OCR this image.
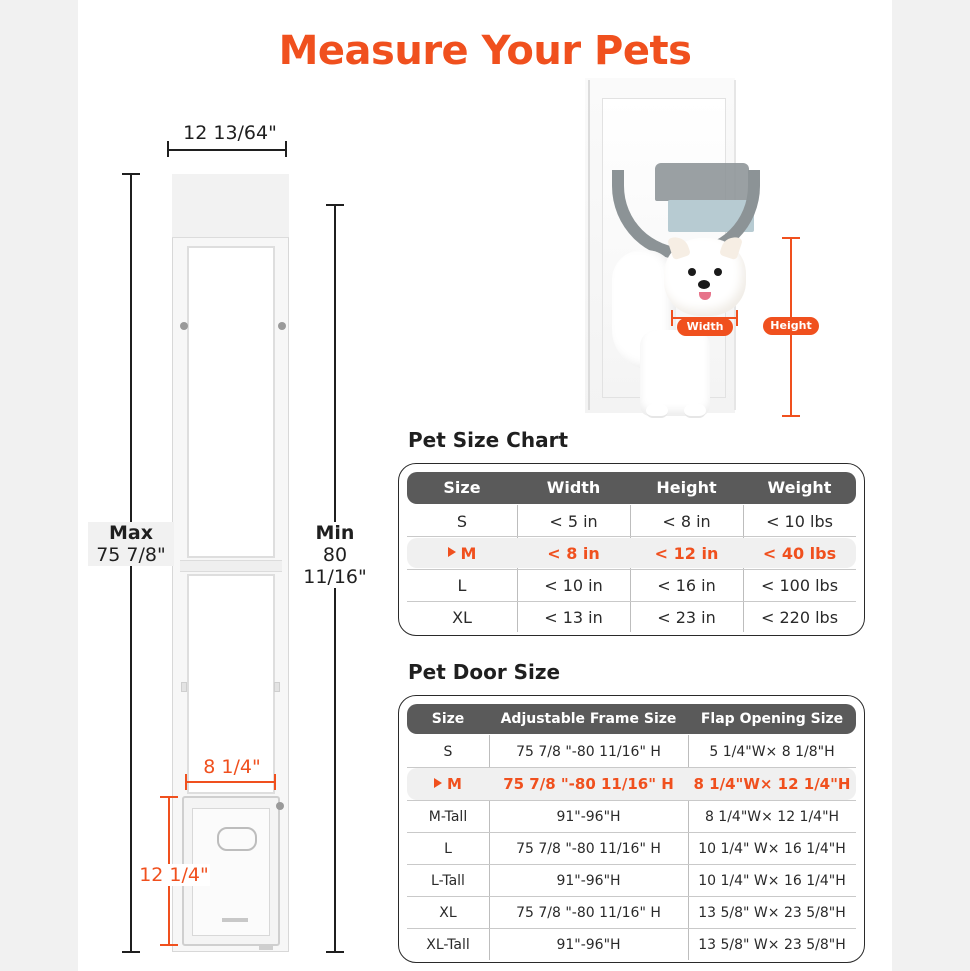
Measure Your Pets
12 13/64"
Max
75 7/8"
Min
80 11/16"
8 1/4"
12 1/4"
Width	Height
Pet Size Chart
Size	Width	Height	Weight
S	< 5 in	< 8 in	< 10 lbs
M	< 8 in	< 12 in	< 40 lbs
L	< 10 in	< 16 in	< 100 lbs
XL	< 13 in	< 23 in	< 220 lbs
Pet Door Size
Size	Adjustable Frame Size	Flap Opening Size
S	75 7/8 "-80 11/16" H	5 1/4"W× 8 1/8"H
M	75 7/8 "-80 11/16" H	8 1/4"W× 12 1/4"H
M-Tall	91"-96"H	8 1/4"W× 12 1/4"H
L	75 7/8 "-80 11/16" H	10 1/4" W× 16 1/4"H
L-Tall	91"-96"H	10 1/4" W× 16 1/4"H
XL	75 7/8 "-80 11/16" H	13 5/8" W× 23 5/8"H
XL-Tall	91"-96"H	13 5/8" W× 23 5/8"H
